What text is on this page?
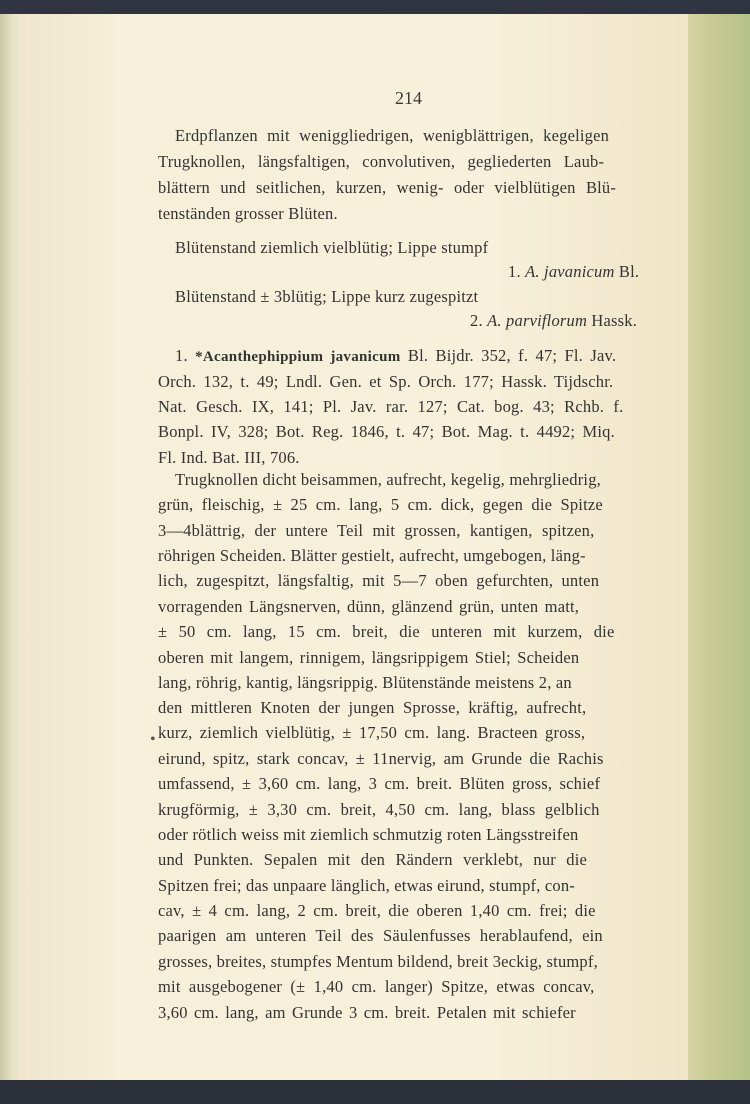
214
Erdpflanzen mit weniggliedrigen, wenigblättrigen, kegeligen
Trugknollen, längsfaltigen, convolutiven, gegliederten Laub-
blättern und seitlichen, kurzen, wenig- oder vielblütigen Blü-
tenständen grosser Blüten.
Blütenstand ziemlich vielblütig; Lippe stumpf
1. A. javanicum Bl.
Blütenstand ± 3blütig; Lippe kurz zugespitzt
2. A. parviflorum Hassk.
1. *Acanthephippium javanicum Bl. Bijdr. 352, f. 47; Fl. Jav.
Orch. 132, t. 49; Lndl. Gen. et Sp. Orch. 177; Hassk. Tijdschr.
Nat. Gesch. IX, 141; Pl. Jav. rar. 127; Cat. bog. 43; Rchb. f.
Bonpl. IV, 328; Bot. Reg. 1846, t. 47; Bot. Mag. t. 4492; Miq.
Fl. Ind. Bat. III, 706.
Trugknollen dicht beisammen, aufrecht, kegelig, mehrgliedrig,
grün, fleischig, ± 25 cm. lang, 5 cm. dick, gegen die Spitze
3—4blättrig, der untere Teil mit grossen, kantigen, spitzen,
röhrigen Scheiden. Blätter gestielt, aufrecht, umgebogen, läng-
lich, zugespitzt, längsfaltig, mit 5—7 oben gefurchten, unten
vorragenden Längsnerven, dünn, glänzend grün, unten matt,
± 50 cm. lang, 15 cm. breit, die unteren mit kurzem, die
oberen mit langem, rinnigem, längsrippigem Stiel; Scheiden
lang, röhrig, kantig, längsrippig. Blütenstände meistens 2, an
den mittleren Knoten der jungen Sprosse, kräftig, aufrecht,
kurz, ziemlich vielblütig, ± 17,50 cm. lang. Bracteen gross,
•
eirund, spitz, stark concav, ± 11nervig, am Grunde die Rachis
umfassend, ± 3,60 cm. lang, 3 cm. breit. Blüten gross, schief
krugförmig, ± 3,30 cm. breit, 4,50 cm. lang, blass gelblich
oder rötlich weiss mit ziemlich schmutzig roten Längsstreifen
und Punkten. Sepalen mit den Rändern verklebt, nur die
Spitzen frei; das unpaare länglich, etwas eirund, stumpf, con-
cav, ± 4 cm. lang, 2 cm. breit, die oberen 1,40 cm. frei; die
paarigen am unteren Teil des Säulenfusses herablaufend, ein
grosses, breites, stumpfes Mentum bildend, breit 3eckig, stumpf,
mit ausgebogener (± 1,40 cm. langer) Spitze, etwas concav,
3,60 cm. lang, am Grunde 3 cm. breit. Petalen mit schiefer
